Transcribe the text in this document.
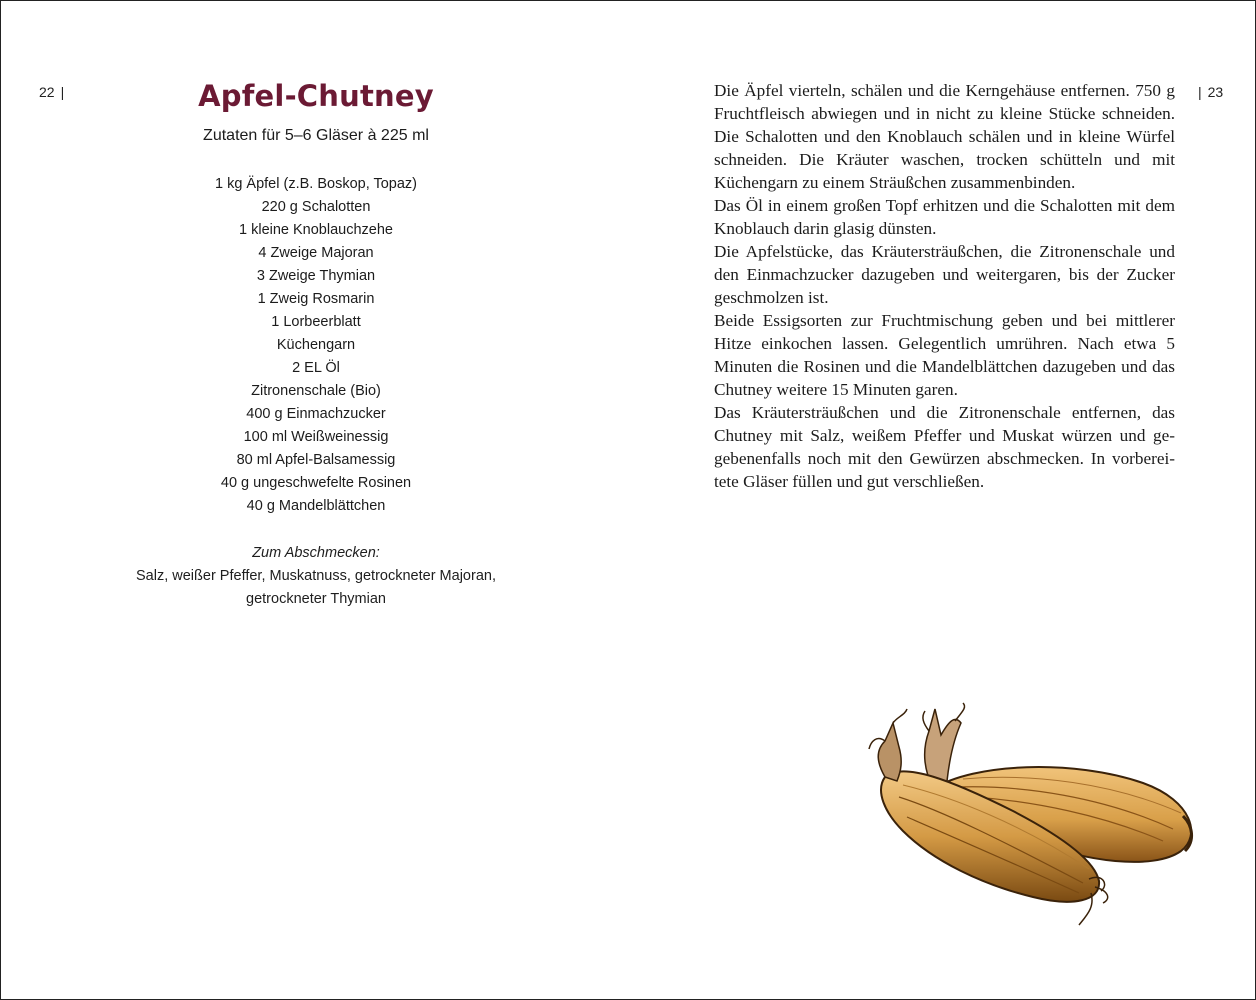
22 |	| 23
Apfel-Chutney
Zutaten für 5–6 Gläser à 225 ml
1 kg Äpfel (z.B. Boskop, Topaz)
220 g Schalotten
1 kleine Knoblauchzehe
4 Zweige Majoran
3 Zweige Thymian
1 Zweig Rosmarin
1 Lorbeerblatt
Küchengarn
2 EL Öl
Zitronenschale (Bio)
400 g Einmachzucker
100 ml Weißweinessig
80 ml Apfel-Balsamessig
40 g ungeschwefelte Rosinen
40 g Mandelblättchen
Zum Abschmecken:
Salz, weißer Pfeffer, Muskatnuss, getrockneter Majoran, getrockneter Thymian

Die Äpfel vierteln, schälen und die Kerngehäuse entfernen. 750 g Fruchtfleisch abwiegen und in nicht zu kleine Stücke schneiden. Die Schalotten und den Knoblauch schälen und in kleine Würfel schneiden. Die Kräuter waschen, trocken schütteln und mit Küchengarn zu einem Sträußchen zusammenbinden.

Das Öl in einem großen Topf erhitzen und die Schalotten mit dem Knoblauch darin glasig dünsten.

Die Apfelstücke, das Kräutersträußchen, die Zitronenschale und den Einmachzucker dazugeben und weitergaren, bis der Zucker geschmolzen ist.

Beide Essigsorten zur Fruchtmischung geben und bei mittlerer Hitze einkochen lassen. Gelegentlich umrühren. Nach etwa 5 Minuten die Rosinen und die Mandelblättchen dazugeben und das Chutney weitere 15 Minuten garen.

Das Kräutersträußchen und die Zitronenschale entfernen, das Chutney mit Salz, weißem Pfeffer und Muskat würzen und gegebenenfalls noch mit den Gewürzen abschmecken. In vorbereitete Gläser füllen und gut verschließen.
